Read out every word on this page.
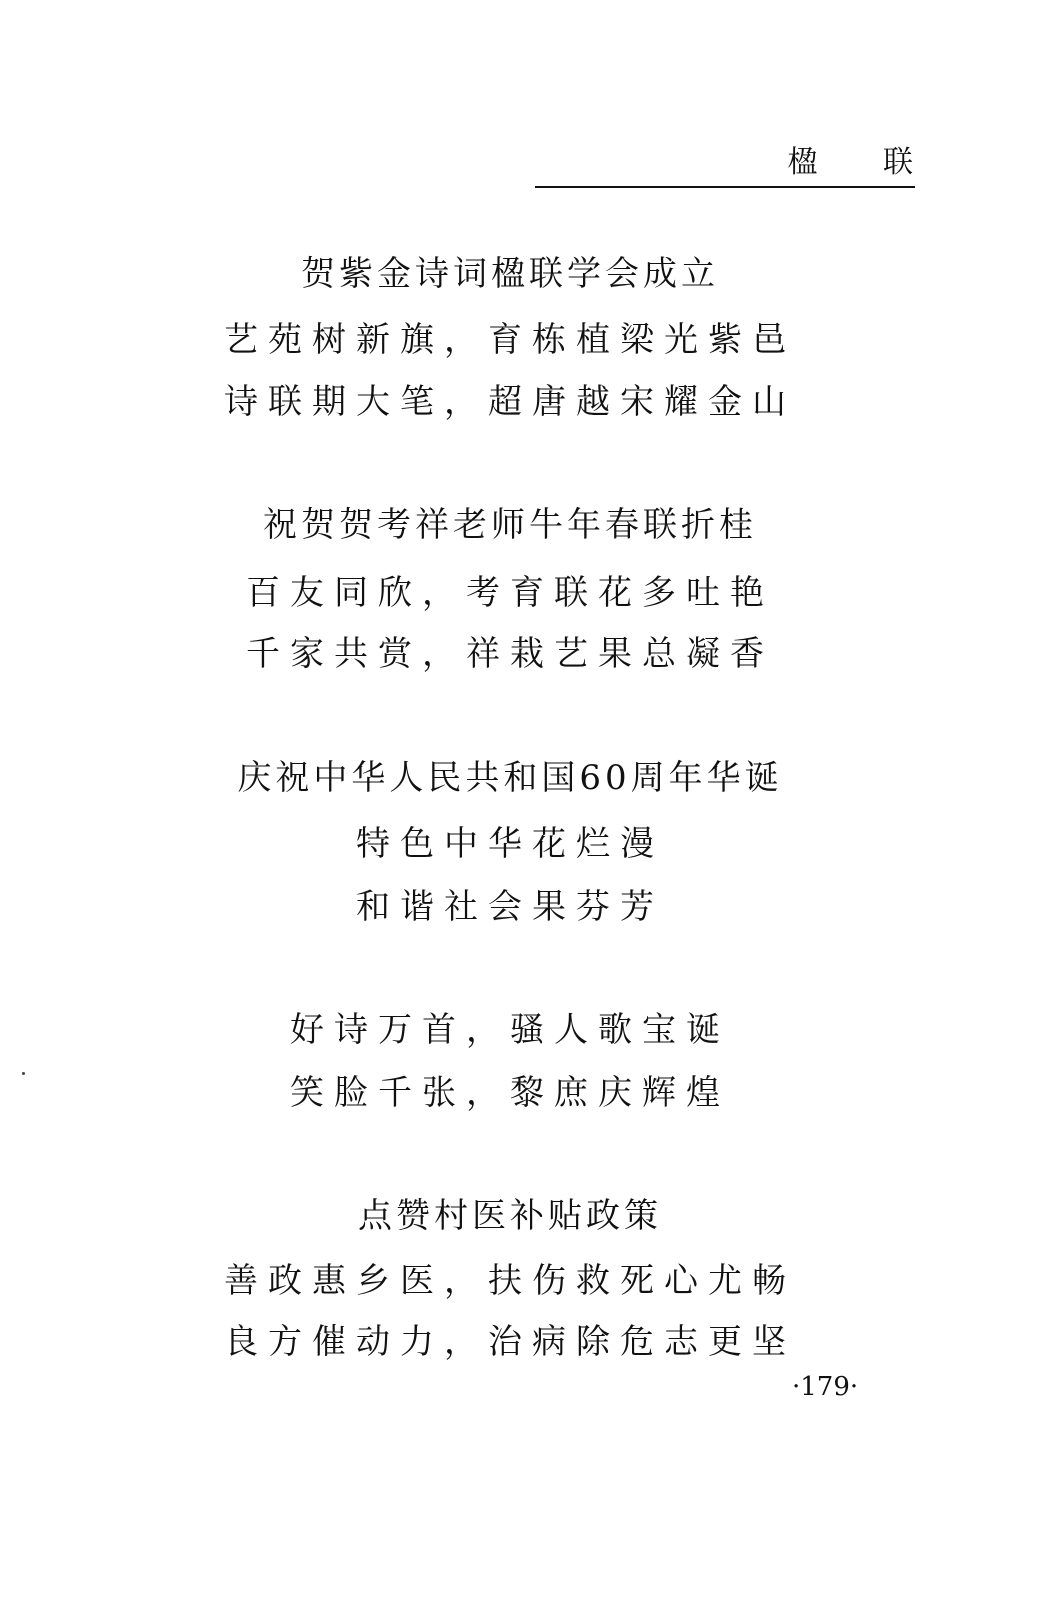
楹 联
贺紫金诗词楹联学会成立
艺苑树新旗，育栋植梁光紫邑
诗联期大笔，超唐越宋耀金山
祝贺贺考祥老师牛年春联折桂
百友同欣，考育联花多吐艳
千家共赏，祥栽艺果总凝香
庆祝中华人民共和国60周年华诞
特色中华花烂漫
和谐社会果芬芳
好诗万首，骚人歌宝诞
笑脸千张，黎庶庆辉煌
点赞村医补贴政策
善政惠乡医，扶伤救死心尤畅
良方催动力，治病除危志更坚
·179·
